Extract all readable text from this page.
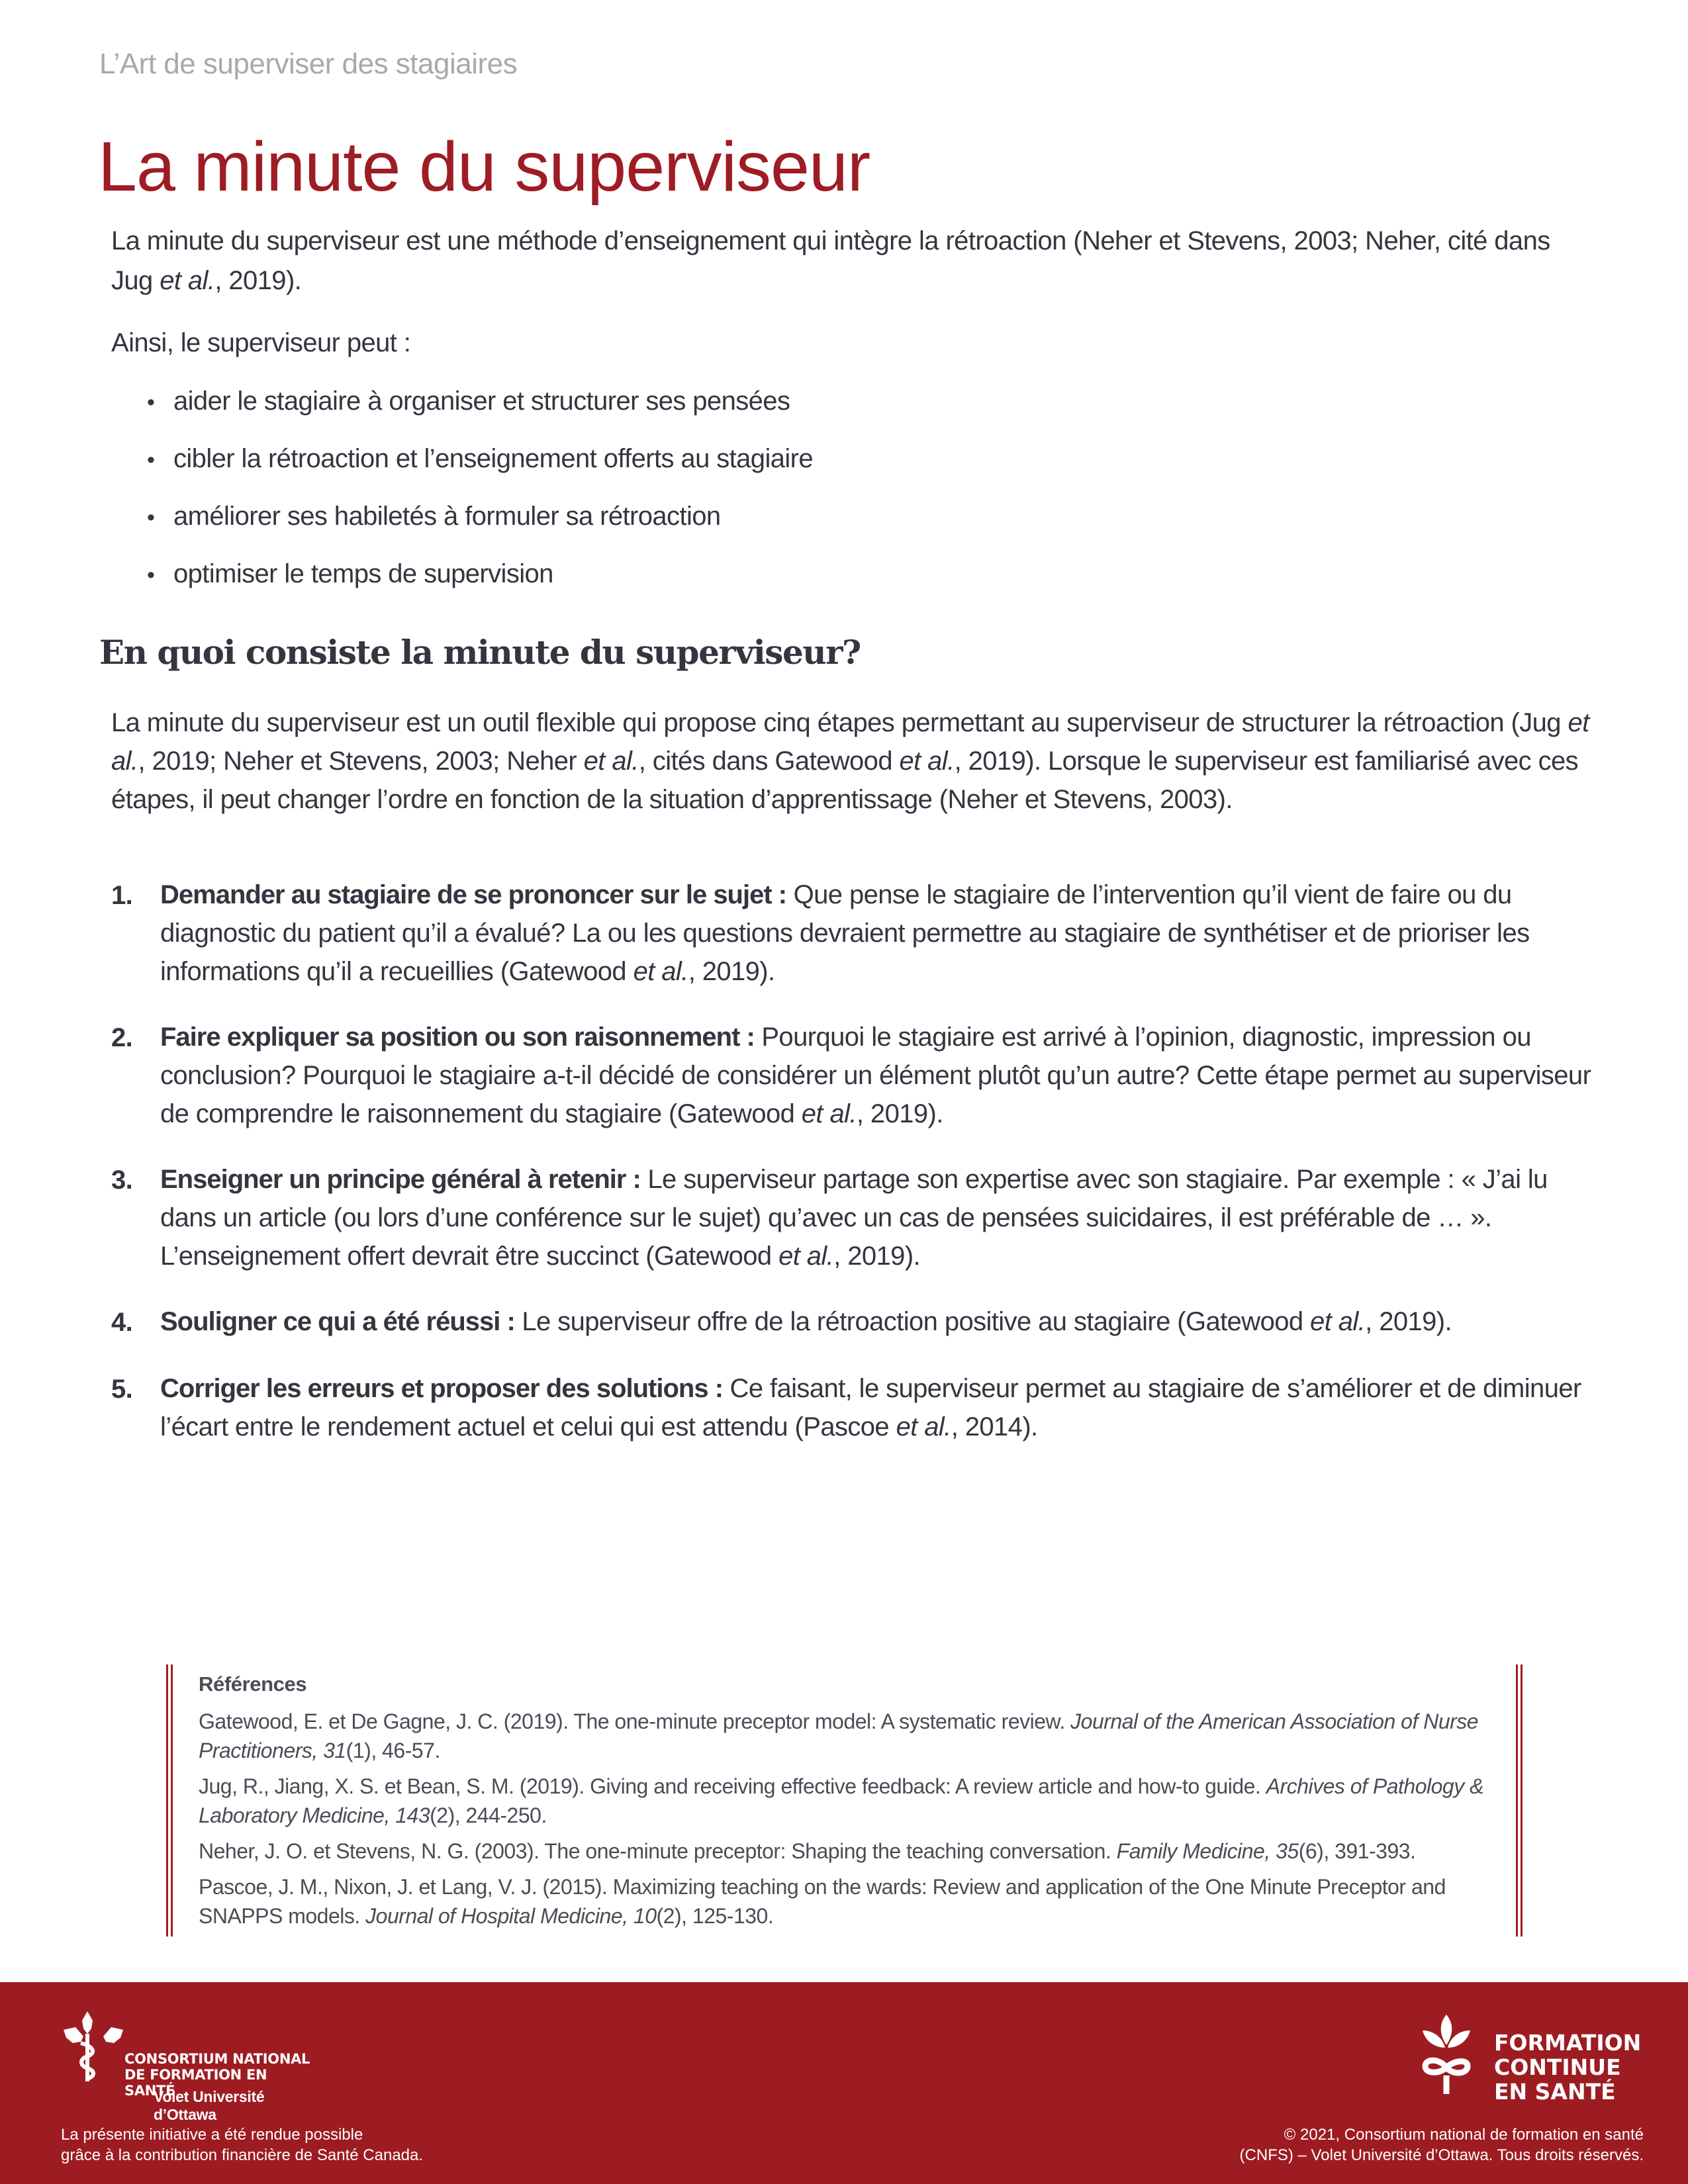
L’Art de superviser des stagiaires
La minute du superviseur

La minute du superviseur est une méthode d’enseignement qui intègre la rétroaction (Neher et Stevens, 2003; Neher, cité dans Jug et al., 2019).

Ainsi, le superviseur peut :

• aider le stagiaire à organiser et structurer ses pensées
• cibler la rétroaction et l’enseignement offerts au stagiaire
• améliorer ses habiletés à formuler sa rétroaction
• optimiser le temps de supervision
En quoi consiste la minute du superviseur?

La minute du superviseur est un outil flexible qui propose cinq étapes permettant au superviseur de structurer la rétroaction (Jug et al., 2019; Neher et Stevens, 2003; Neher et al., cités dans Gatewood et al., 2019). Lorsque le superviseur est familiarisé avec ces étapes, il peut changer l’ordre en fonction de la situation d’apprentissage (Neher et Stevens, 2003).

1.	Demander au stagiaire de se prononcer sur le sujet : Que pense le stagiaire de l’intervention qu’il vient de faire ou du diagnostic du patient qu’il a évalué? La ou les questions devraient permettre au stagiaire de synthétiser et de prioriser les informations qu’il a recueillies (Gatewood et al., 2019).
2.	Faire expliquer sa position ou son raisonnement : Pourquoi le stagiaire est arrivé à l’opinion, diagnostic, impression ou conclusion? Pourquoi le stagiaire a-t-il décidé de considérer un élément plutôt qu’un autre? Cette étape permet au superviseur de comprendre le raisonnement du stagiaire (Gatewood et al., 2019).
3.	Enseigner un principe général à retenir : Le superviseur partage son expertise avec son stagiaire. Par exemple : « J’ai lu dans un article (ou lors d’une conférence sur le sujet) qu’avec un cas de pensées suicidaires, il est préférable de … ». L’enseignement offert devrait être succinct (Gatewood et al., 2019).
4.	Souligner ce qui a été réussi : Le superviseur offre de la rétroaction positive au stagiaire (Gatewood et al., 2019).
5.	Corriger les erreurs et proposer des solutions : Ce faisant, le superviseur permet au stagiaire de s’améliorer et de diminuer l’écart entre le rendement actuel et celui qui est attendu (Pascoe et al., 2014).
Références

Gatewood, E. et De Gagne, J. C. (2019). The one-minute preceptor model: A systematic review. Journal of the American Association of Nurse Practitioners, 31(1), 46-57.

Jug, R., Jiang, X. S. et Bean, S. M. (2019). Giving and receiving effective feedback: A review article and how-to guide. Archives of Pathology & Laboratory Medicine, 143(2), 244-250.

Neher, J. O. et Stevens, N. G. (2003). The one-minute preceptor: Shaping the teaching conversation. Family Medicine, 35(6), 391-393.

Pascoe, J. M., Nixon, J. et Lang, V. J. (2015). Maximizing teaching on the wards: Review and application of the One Minute Preceptor and SNAPPS models. Journal of Hospital Medicine, 10(2), 125-130.

CONSORTIUM NATIONAL
DE FORMATION EN SANTÉ
Volet Université d’Ottawa
La présente initiative a été rendue possible
grâce à la contribution financière de Santé Canada.
FORMATION
CONTINUE
EN SANTÉ
© 2021, Consortium national de formation en santé
(CNFS) – Volet Université d’Ottawa. Tous droits réservés.
